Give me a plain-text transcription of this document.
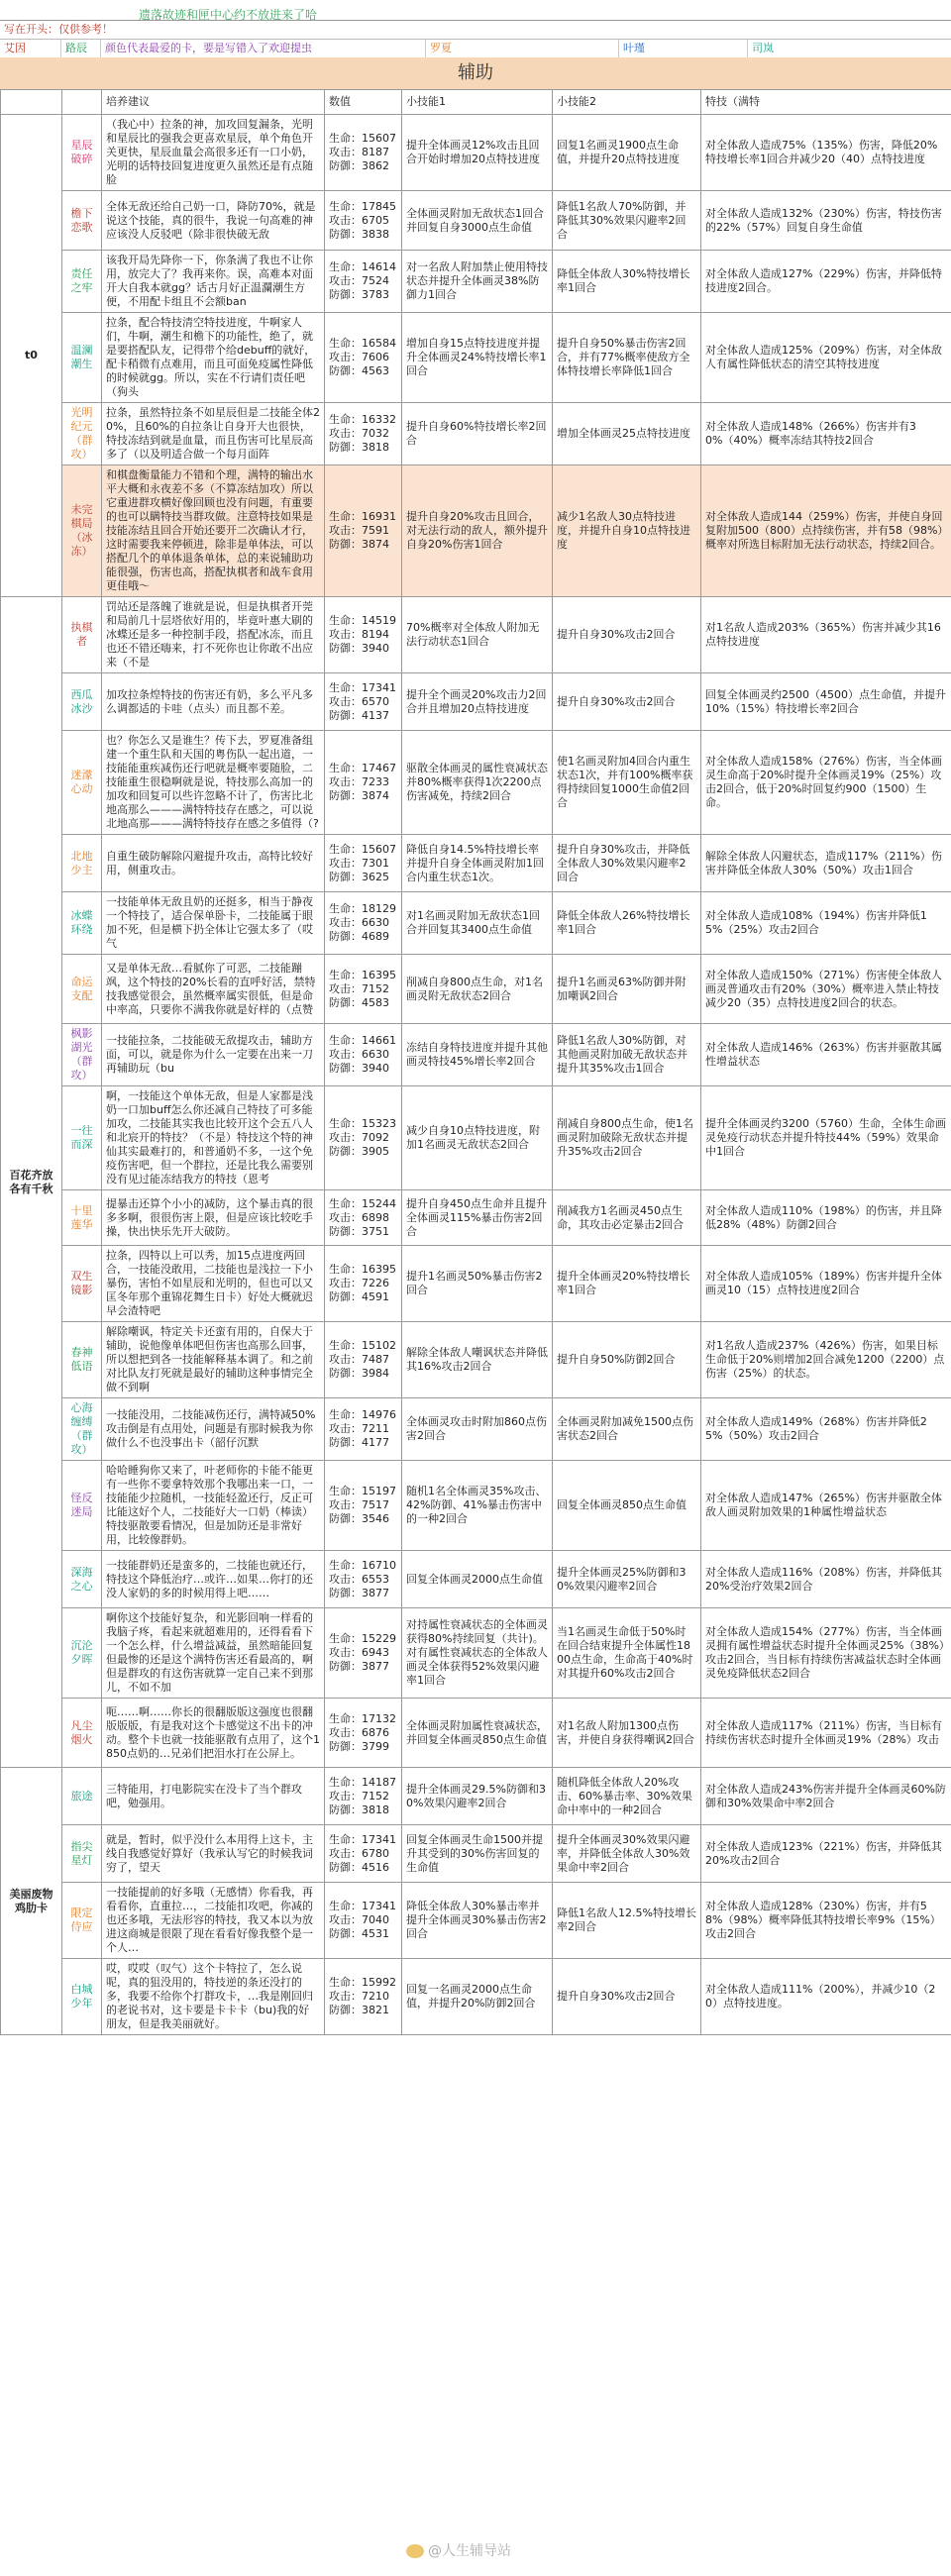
遗落故迹和匣中心约不放进来了哈
写在开头：仅供参考！
艾因	路辰	颜色代表最爱的卡，要是写错入了欢迎提虫	罗夏	叶瑾	司岚
辅助
		培养建议	数值	小技能1	小技能2	特技（满特
t0	星辰破碎	（我心中）拉条的神，加攻回复漏条，光明和星辰比的强我会更喜欢星辰，单个角色开关更快，星辰血量会高很多还有一口小奶，光明的话特技回复进度更久虽然还是有点随脸	生命：15607
攻击：8187
防御：3862	提升全体画灵12%攻击且回合开始时增加20点特技进度	回复1名画灵1900点生命值，并提升20点特技进度	对全体敌人造成75%（135%）伤害，降低20%特技增长率1回合并减少20（40）点特技进度
	檐下恋歌	全体无敌还给自己奶一口，降防70%，就是说这个技能，真的很牛，我说一句高难的神应该没人反驳吧（除非很快破无敌	生命：17845
攻击：6705
防御：3838	全体画灵附加无敌状态1回合并回复自身3000点生命值	降低1名敌人70%防御，并降低其30%效果闪避率2回合	对全体敌人造成132%（230%）伤害，特技伤害的22%（57%）回复自身生命值
	责任之牢	该我开局先降你一下，你条满了我也不让你用，放完大了？我再来你。误，高难本对面开大自我本就gg？话古月好正温瀾潮生方便，不用配卡组且不会额ban	生命：14614
攻击：7524
防御：3783	对一名敌人附加禁止使用特技状态并提升全体画灵38%防御力1回合	降低全体敌人30%特技增长率1回合	对全体敌人造成127%（229%）伤害，并降低特技进度2回合。
	温澜潮生	拉条，配合特技清空特技进度，牛啊家人们，牛啊，潮生和檐下的功能性，绝了，就是要搭配队友，记得带个给debuff的就好，配卡稍微有点难用，而且可面免疫属性降低的时候就gg。所以，实在不行请们责任吧（狗头	生命：16584
攻击：7606
防御：4563	增加自身15点特技进度并提升全体画灵24%特技增长率1回合	提升自身50%暴击伤害2回合，并有77%概率使敌方全体特技增长率降低1回合	对全体敌人造成125%（209%）伤害，对全体敌人有属性降低状态的清空其特技进度
	光明纪元（群攻）	拉条，虽然特拉条不如星辰但是二技能全体20%，且60%的自拉条让自身开大也很快，特技冻结到就是血量，而且伤害可比星辰高多了（以及明适合做一个每月面阵	生命：16332
攻击：7032
防御：3818	提升自身60%特技增长率2回合	增加全体画灵25点特技进度	对全体敌人造成148%（266%）伤害并有30%（40%）概率冻结其特技2回合
	未完棋局（冰冻）	和棋盘衡量能力不错和个理，满特的输出水平大概和永夜差不多（不算冻结加攻）所以它重进群攻横好像回顾也没有问题，有重要的也可以瞒特技当群攻做。注意特技如果是技能冻结且回合开始还要开二次确认才行，这时需要我来停顿进，除非是单体法，可以搭配几个的单体退条单体，总的来说辅助功能很强，伤害也高，搭配执棋者和战车食用更佳哦～	生命：16931
攻击：7591
防御：3874	提升自身20%攻击且回合，对无法行动的敌人，额外提升自身20%伤害1回合	减少1名敌人30点特技进度，并提升自身10点特技进度	对全体敌人造成144（259%）伤害，并使自身回复附加500（800）点持续伤害，并有58（98%）概率对所选目标附加无法行动状态，持续2回合。
百花齐放各有千秋	执棋者	罚站还是落魄了谁就是说，但是执棋者开莞和局前几十层塔依好用的，毕竟叶惠大刷的冰蝶还是多一种控制手段，搭配冰冻，而且也还不错还嗨来，打不死你也让你敢不出应来（不是	生命：14519
攻击：8194
防御：3940	70%概率对全体敌人附加无法行动状态1回合	提升自身30%攻击2回合	对1名敌人造成203%（365%）伤害并减少其16点特技进度
	西瓜冰沙	加攻拉条煌特技的伤害还有奶，多么平凡多么调都适的卡哇（点头）而且都不差。	生命：17341
攻击：6570
防御：4137	提升全个画灵20%攻击力2回合并且增加20点特技进度	提升自身30%攻击2回合	回复全体画灵约2500（4500）点生命值，并提升10%（15%）特技增长率2回合
	迷濛心动	也？你怎么又是谁生？传下去，罗夏准备组建一个重生队和天国的粤伤队一起出道，一技能能重疾减伤还行吧就是概率要随脸，二技能重生很稳啊就是说，特技那么高加一的加攻和回复可以些许忽略不计了，伤害比北地高那么———满特特技存在感之，可以说北地高那———满特特技存在感之多值得（?	生命：17467
攻击：7233
防御：3874	驱散全体画灵的属性衰减状态并80%概率获得1次2200点伤害减免，持续2回合	使1名画灵附加4回合内重生状态1次，并有100%概率获得持续回复1000生命值2回合	对全体敌人造成158%（276%）伤害，当全体画灵生命高于20%时提升全体画灵19%（25%）攻击2回合，低于20%时回复约900（1500）生命。
	北地少主	自重生破防解除闪避提升攻击，高特比较好用，侧重攻击。	生命：15607
攻击：7301
防御：3625	降低自身14.5%特技增长率并提升自身全体画灵附加1回合内重生状态1次。	提升自身30%攻击，并降低全体敌人30%效果闪避率2回合	解除全体敌人闪避状态，造成117%（211%）伤害并降低全体敌人30%（50%）攻击1回合
	冰蝶环绕	一技能单体无敌且奶的还挺多，相当于静夜一个特技了，适合保单卧卡，二技能属于眼加不死，但是横下扔全体让它强太多了（哎气	生命：18129
攻击：6630
防御：4689	对1名画灵附加无敌状态1回合并回复其3400点生命值	降低全体敌人26%特技增长率1回合	对全体敌人造成108%（194%）伤害并降低15%（25%）攻击2回合
	命运支配	又是单体无敌…看腻你了可恶，二技能蹦飒，这个特技的20%长看的直呼好活，禁特技我感觉很会，虽然概率属实很低，但是命中率高，只要你不满我你就是好样的（点赞	生命：16395
攻击：7152
防御：4583	削减自身800点生命，对1名画灵附无敌状态2回合	提升1名画灵63%防御并附加嘲讽2回合	对全体敌人造成150%（271%）伤害使全体敌人画灵普通攻击有20%（30%）概率进入禁止特技减少20（35）点特技进度2回合的状态。
	枫影湖光（群攻）	一技能拉条，二技能破无敌提攻击，辅助方面，可以，就是你为什么一定要在出来一刀再辅助玩（bu	生命：14661
攻击：6630
防御：3940	冻结自身特技进度并提升其他画灵特技45%增长率2回合	降低1名敌人30%防御，对其他画灵附加破无敌状态并提升其35%攻击1回合	对全体敌人造成146%（263%）伤害并驱散其属性增益状态
	一往而深	啊，一技能这个单体无敌，但是人家都是浅奶一口加buff怎么你还减自己特技了可多能加攻，二技能其实我也比较开这个会五八人和北宸开的特技？（不是）特技这个特的神仙其实最难打的，和普通奶不多，一这个免疫伤害吧，但一个群拉，还是比我么需要别没有见过能冻结我方的特技（恩考	生命：15323
攻击：7092
防御：3905	减少自身10点特技进度，附加1名画灵无敌状态2回合	削减自身800点生命，使1名画灵附加破除无敌状态并提升35%攻击2回合	提升全体画灵约3200（5760）生命，全体生命画灵免疫行动状态并提升特技44%（59%）效果命中1回合
	十里莲华	提暴击还算个小小的减防，这个暴击真的很多多啊，很很伤害上限，但是应该比较吃手操，快出快乐先开大破防。	生命：15244
攻击：6898
防御：3751	提升自身450点生命并且提升全体画灵115%暴击伤害2回合	削减我方1名画灵450点生命，其攻击必定暴击2回合	对全体敌人造成110%（198%）的伤害，并且降低28%（48%）防御2回合
	双生镜影	拉条，四特以上可以秀，加15点进度两回合，一技能没敢用，二技能也是浅拉一下小暴伤，害怕不如星辰和光明的，但也可以又匡冬年那个重锦花舞生日卡）好处大概就迟早会渣特吧	生命：16395
攻击：7226
防御：4591	提升1名画灵50%暴击伤害2回合	提升全体画灵20%特技增长率1回合	对全体敌人造成105%（189%）伤害并提升全体画灵10（15）点特技进度2回合
	春神低语	解除嘲讽，特定关卡还蛮有用的，自保大于辅助，说他像单体吧但伤害也高那么回事，所以想把到各一技能解释基本调了。和之前对比队友打死就是最好的辅助这种事情完全做不到啊	生命：15102
攻击：7487
防御：3984	解除全体敌人嘲讽状态并降低其16%攻击2回合	提升自身50%防御2回合	对1名敌人造成237%（426%）伤害，如果目标生命低于20%则增加2回合减免1200（2200）点伤害（25%）的状态。
	心海缠缚（群攻）	一技能没用，二技能减伤还行，满特减50%攻击倒是有点用处，问题是有那时候我为你做什么不也没事出卡（韶仔沉默	生命：14976
攻击：7211
防御：4177	全体画灵攻击时附加860点伤害2回合	全体画灵附加减免1500点伤害状态2回合	对全体敌人造成149%（268%）伤害并降低25%（50%）攻击2回合
	怪反迷局	哈哈睡狗你又来了，叶老师你的卡能不能更有一些你不要拿特效那个我哪出来一口，一技能能少拉随机，一技能轻盈还行，反正可比能这好个人，二技能好大一口奶（棒读）特技驱散要看情况，但是加防还是非常好用，比较像群奶。	生命：15197
攻击：7517
防御：3546	随机1名全体画灵35%攻击、42%防御、41%暴击伤害中的一种2回合	回复全体画灵850点生命值	对全体敌人造成147%（265%）伤害并驱散全体敌人画灵附加效果的1种属性增益状态
	深海之心	一技能群奶还是蛮多的，二技能也就还行，特技这个降低治疗…或许…如果…你打的还没人家奶的多的时候用得上吧……	生命：16710
攻击：6553
防御：3877	回复全体画灵2000点生命值	提升全体画灵25%防御和30%效果闪避率2回合	对全体敌人造成116%（208%）伤害，并降低其20%受治疗效果2回合
	沉沦夕晖	啊你这个技能好复杂，和光影回响一样看的我脑子疼，看起来就超难用的，还得看看下一个怎么样，什么增益减益，虽然暗能回复但最惨的还是这个满特伤害还看最高的，啊但是群攻的有这伤害就算一定自己来不到那儿，不如不加	生命：15229
攻击：6943
防御：3877	对持属性衰减状态的全体画灵获得80%持续回复（共计)。对有属性衰减状态的全体敌人画灵全体获得52%效果闪避率1回合	当1名画灵生命低于50%时在回合结束提升全体属性1800点生命，生命高于40%时对其提升60%攻击2回合	对全体敌人造成154%（277%）伤害，当全体画灵拥有属性增益状态时提升全体画灵25%（38%）攻击2回合，当目标有持续伤害减益状态时全体画灵免疫降低状态2回合
	凡尘烟火	呃……啊……你长的很翻版版这强度也很翻版版版，有是我对这个卡感觉这不出卡的冲动。整个卡也就一技能驱散有点用了，这个1850点奶的…兄弟们把泪水打在公屏上。	生命：17132
攻击：6876
防御：3799	全体画灵附加属性衰减状态，并回复全体画灵850点生命值	对1名敌人附加1300点伤害，并使自身获得嘲讽2回合	对全体敌人造成117%（211%）伤害，当目标有持续伤害状态时提升全体画灵19%（28%）攻击
美丽废物鸡肋卡	旅途	三特能用，打电影院实在没卡了当个群攻吧，勉强用。	生命：14187
攻击：7152
防御：3818	提升全体画灵29.5%防御和30%效果闪避率2回合	随机降低全体敌人20%攻击、60%暴击率、30%效果命中率中的一种2回合	对全体敌人造成243%伤害并提升全体画灵60%防御和30%效果命中率2回合
	指尖星灯	就是，暂时，似乎没什么本用得上这卡，主线自我感觉好算好（我承认写它的时候我词穷了，望天	生命：17341
攻击：6780
防御：4516	回复全体画灵生命1500并提升其受到的30%伤害回复的生命值	提升全体画灵30%效果闪避率，并降低全体敌人30%效果命中率2回合	对全体敌人造成123%（221%）伤害，并降低其20%攻击2回合
	限定侍应	一技能提前的好多哦（无感情）你看我，再看看你，直重拉…，二技能扣攻吧，你减的也还多哦，无法形容的特技，我又本以为放进这商城是很限了现在看看好像我整个是一个人…	生命：17341
攻击：7040
防御：4531	降低全体敌人30%暴击率并提升全体画灵30%暴击伤害2回合	降低1名敌人12.5%特技增长率2回合	对全体敌人造成128%（230%）伤害，并有58%（98%）概率降低其特技增长率9%（15%）攻击2回合
	白城少年	哎，哎哎（叹气）这个卡特拉了，怎么说呢，真的狙没用的，特技逆的条还没打的多，我要不给你个打群攻卡，…我是刚回归的老说书对，这卡要是卡卡卡（bu)我的好朋友，但是我美丽就好。	生命：15992
攻击：7210
防御：3821	回复一名画灵2000点生命值，并提升20%防御2回合	提升自身30%攻击2回合	对全体敌人造成111%（200%），并减少10（20）点特技进度。
@人生辅导站
